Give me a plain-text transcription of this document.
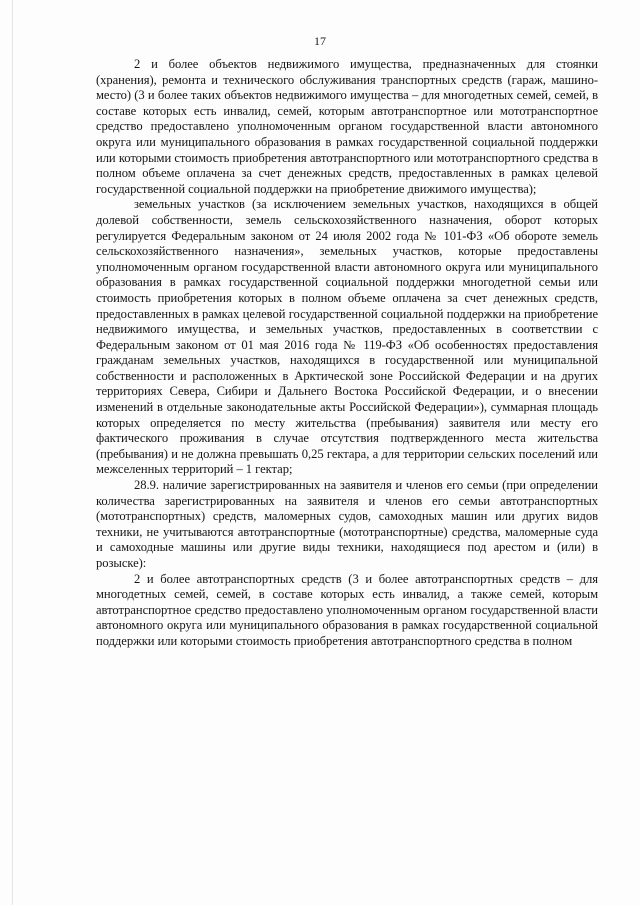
17

2 и более объектов недвижимого имущества, предназначенных для стоянки (хранения), ремонта и технического обслуживания транспортных средств (гараж, машино-место) (3 и более таких объектов недвижимого имущества – для многодетных семей, семей, в составе которых есть инвалид, семей, которым автотранспортное или мототранспортное средство предоставлено уполномоченным органом государственной власти автономного округа или муниципального образования в рамках государственной социальной поддержки или которыми стоимость приобретения автотранспортного или мототранспортного средства в полном объеме оплачена за счет денежных средств, предоставленных в рамках целевой государственной социальной поддержки на приобретение движимого имущества);

земельных участков (за исключением земельных участков, находящихся в общей долевой собственности, земель сельскохозяйственного назначения, оборот которых регулируется Федеральным законом от 24 июля 2002 года № 101-ФЗ «Об обороте земель сельскохозяйственного назначения», земельных участков, которые предоставлены уполномоченным органом государственной власти автономного округа или муниципального образования в рамках государственной социальной поддержки многодетной семьи или стоимость приобретения которых в полном объеме оплачена за счет денежных средств, предоставленных в рамках целевой государственной социальной поддержки на приобретение недвижимого имущества, и земельных участков, предоставленных в соответствии с Федеральным законом от 01 мая 2016 года № 119-ФЗ «Об особенностях предоставления гражданам земельных участков, находящихся в государственной или муниципальной собственности и расположенных в Арктической зоне Российской Федерации и на других территориях Севера, Сибири и Дальнего Востока Российской Федерации, и о внесении изменений в отдельные законодательные акты Российской Федерации»), суммарная площадь которых определяется по месту жительства (пребывания) заявителя или месту его фактического проживания в случае отсутствия подтвержденного места жительства (пребывания) и не должна превышать 0,25 гектара, а для территории сельских поселений или межселенных территорий – 1 гектар;

28.9. наличие зарегистрированных на заявителя и членов его семьи (при определении количества зарегистрированных на заявителя и членов его семьи автотранспортных (мототранспортных) средств, маломерных судов, самоходных машин или других видов техники, не учитываются автотранспортные (мототранспортные) средства, маломерные суда и самоходные машины или другие виды техники, находящиеся под арестом и (или) в розыске):

2 и более автотранспортных средств (3 и более автотранспортных средств – для многодетных семей, семей, в составе которых есть инвалид, а также семей, которым автотранспортное средство предоставлено уполномоченным органом государственной власти автономного округа или муниципального образования в рамках государственной социальной поддержки или которыми стоимость приобретения автотранспортного средства в полном
